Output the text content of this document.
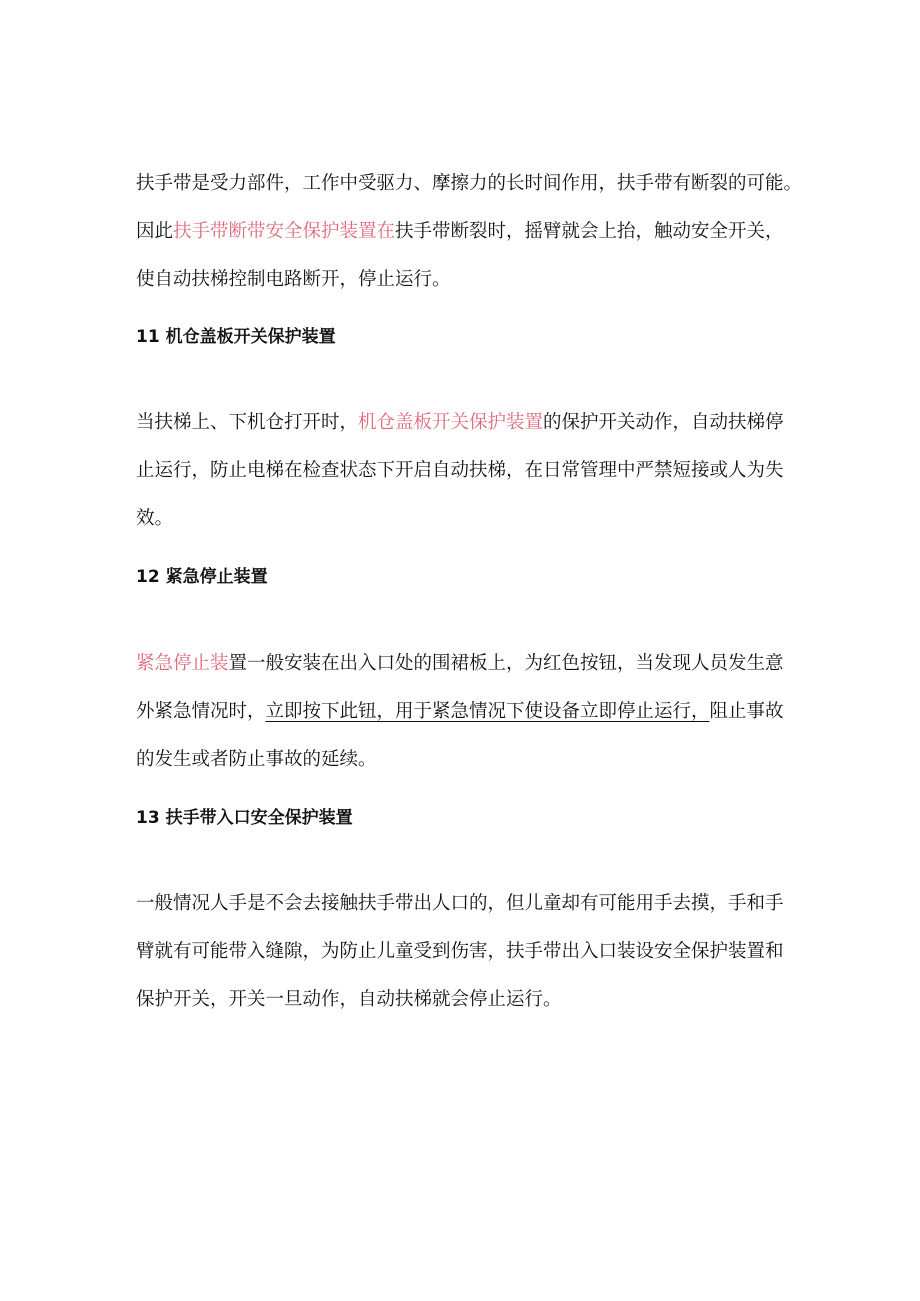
扶手带是受力部件，工作中受驱力、摩擦力的长时间作用，扶手带有断裂的可能。
因此扶手带断带安全保护装置在扶手带断裂时，摇臂就会上抬，触动安全开关，
使自动扶梯控制电路断开，停止运行。
11 机仓盖板开关保护装置
当扶梯上、下机仓打开时，机仓盖板开关保护装置的保护开关动作，自动扶梯停
止运行，防止电梯在检查状态下开启自动扶梯，在日常管理中严禁短接或人为失
效。
12 紧急停止装置
紧急停止装置一般安装在出入口处的围裙板上，为红色按钮，当发现人员发生意
外紧急情况时，立即按下此钮，用于紧急情况下使设备立即停止运行，阻止事故
的发生或者防止事故的延续。
13 扶手带入口安全保护装置
一般情况人手是不会去接触扶手带出人口的，但儿童却有可能用手去摸，手和手
臂就有可能带入缝隙，为防止儿童受到伤害，扶手带出入口装设安全保护装置和
保护开关，开关一旦动作，自动扶梯就会停止运行。
